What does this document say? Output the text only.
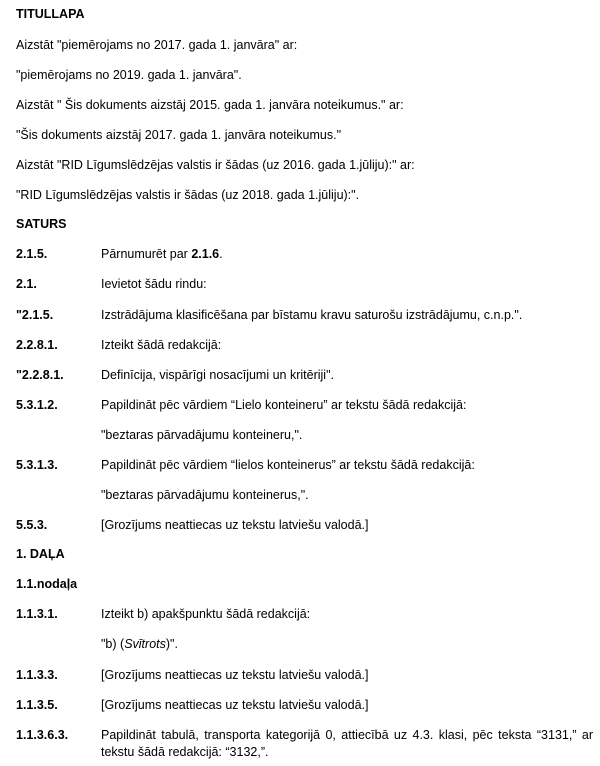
TITULLAPA
Aizstāt "piemērojams no 2017. gada 1. janvāra" ar:
"piemērojams no 2019. gada 1. janvāra".
Aizstāt " Šis dokuments aizstāj 2015. gada 1. janvāra noteikumus." ar:
"Šis dokuments aizstāj 2017. gada 1. janvāra noteikumus."
Aizstāt "RID Līgumslēdzējas valstis ir šādas (uz 2016. gada 1.jūliju):" ar:
"RID Līgumslēdzējas valstis ir šādas (uz 2018. gada 1.jūliju):".
SATURS
2.1.5.	Pārnumurēt par 2.1.6.
2.1.	Ievietot šādu rindu:
"2.1.5.	Izstrādājuma klasificēšana par bīstamu kravu saturošu izstrādājumu, c.n.p.".
2.2.8.1.	Izteikt šādā redakcijā:
"2.2.8.1.	Definīcija, vispārīgi nosacījumi un kritēriji".
5.3.1.2.	Papildināt pēc vārdiem “Lielo konteineru” ar tekstu šādā redakcijā:
"beztaras pārvadājumu konteineru,".
5.3.1.3.	Papildināt pēc vārdiem “lielos konteinerus” ar tekstu šādā redakcijā:
"beztaras pārvadājumu konteinerus,".
5.5.3.	[Grozījums neattiecas uz tekstu latviešu valodā.]
1. DAĻA
1.1.nodaļa
1.1.3.1.	Izteikt b) apakšpunktu šādā redakcijā:
"b) (Svītrots)".
1.1.3.3.	[Grozījums neattiecas uz tekstu latviešu valodā.]
1.1.3.5.	[Grozījums neattiecas uz tekstu latviešu valodā.]
1.1.3.6.3.	Papildināt tabulā, transporta kategorijā 0, attiecībā uz 4.3. klasi, pēc teksta “3131,” ar tekstu šādā redakcijā: “3132,”.
